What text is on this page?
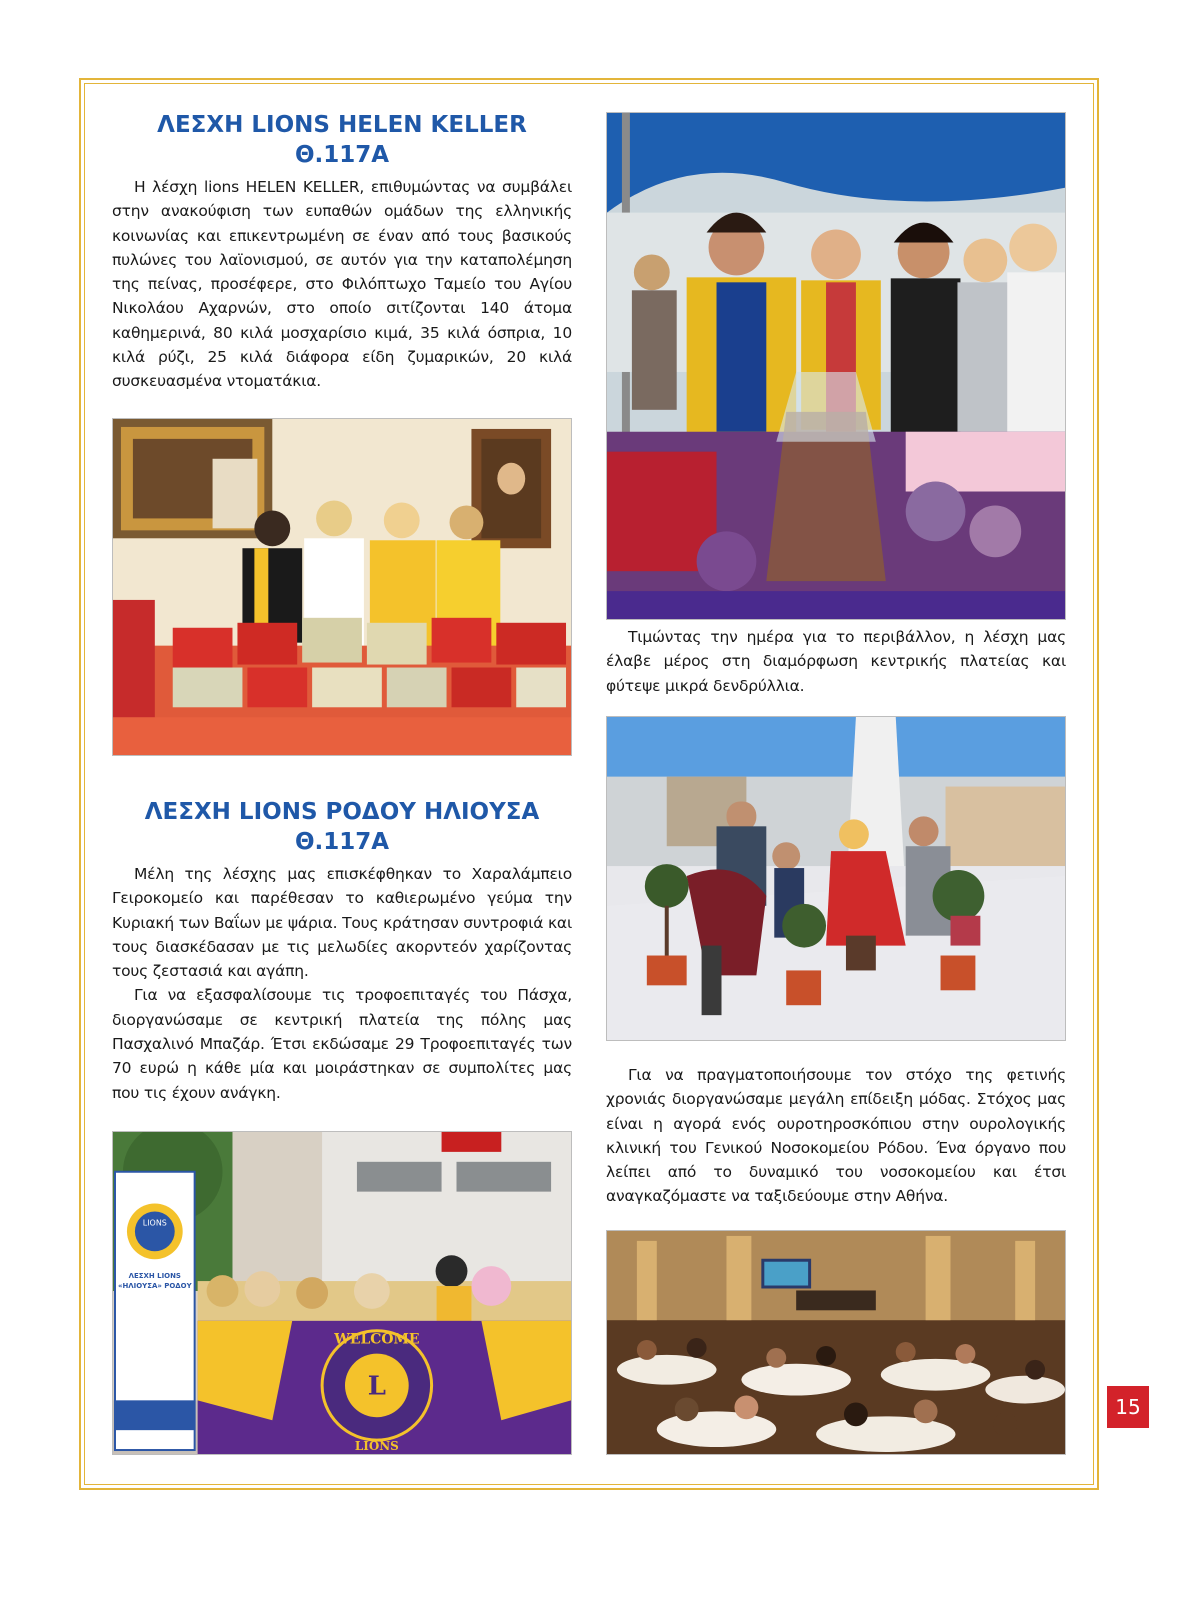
ΛΕΣΧΗ LIONS HELEN KELLER
Θ.117Α

Η λέσχη lions HELEN KELLER, επιθυμώντας να συμβάλει στην ανακούφιση των ευπαθών ομάδων της ελληνικής κοινωνίας και επικεντρωμένη σε έναν από τους βασικούς πυλώνες του λαϊονισμού, σε αυτόν για την καταπολέμηση της πείνας, προσέφερε, στο Φιλόπτωχο Ταμείο του Αγίου Νικολάου Αχαρνών, στο οποίο σιτίζονται 140 άτομα καθημερινά, 80 κιλά μοσχαρίσιο κιμά, 35 κιλά όσπρια, 10 κιλά ρύζι, 25 κιλά διάφορα είδη ζυμαρικών, 20 κιλά συσκευασμένα ντοματάκια.

Τιμώντας την ημέρα για το περιβάλλον, η λέσχη μας έλαβε μέρος στη διαμόρφωση κεντρικής πλατείας και φύτεψε μικρά δενδρύλλια.

Για να πραγματοποιήσουμε τον στόχο της φετινής χρονιάς διοργανώσαμε μεγάλη επίδειξη μόδας. Στόχος μας είναι η αγορά ενός ουροτηροσκόπιου στην ουρολογικής κλινική του Γενικού Νοσοκομείου Ρόδου. Ένα όργανο που λείπει από το δυναμικό του νοσοκομείου και έτσι αναγκαζόμαστε να ταξιδεύουμε στην Αθήνα.

ΛΕΣΧΗ LIONS ΡΟΔΟΥ ΗΛΙΟΥΣΑ
Θ.117Α

Μέλη της λέσχης μας επισκέφθηκαν το Χαραλάμπειο Γειροκομείο και παρέθεσαν το καθιερωμένο γεύμα την Κυριακή των Βαΐων με ψάρια. Τους κράτησαν συντροφιά και τους διασκέδασαν με τις μελωδίες ακορντεόν χαρίζοντας τους ζεστασιά και αγάπη.

Για να εξασφαλίσουμε τις τροφοεπιταγές του Πάσχα, διοργανώσαμε σε κεντρική πλατεία της πόλης μας Πασχαλινό Μπαζάρ. Έτσι εκδώσαμε 29 Τροφοεπιταγές των 70 ευρώ η κάθε μία και μοιράστηκαν σε συμπολίτες μας που τις έχουν ανάγκη.

LIONS
ΛΕΣΧΗ LIONS
«ΗΛΙΟΥΣΑ» ΡΟΔΟΥ
L
WELCOME
LIONS
15
